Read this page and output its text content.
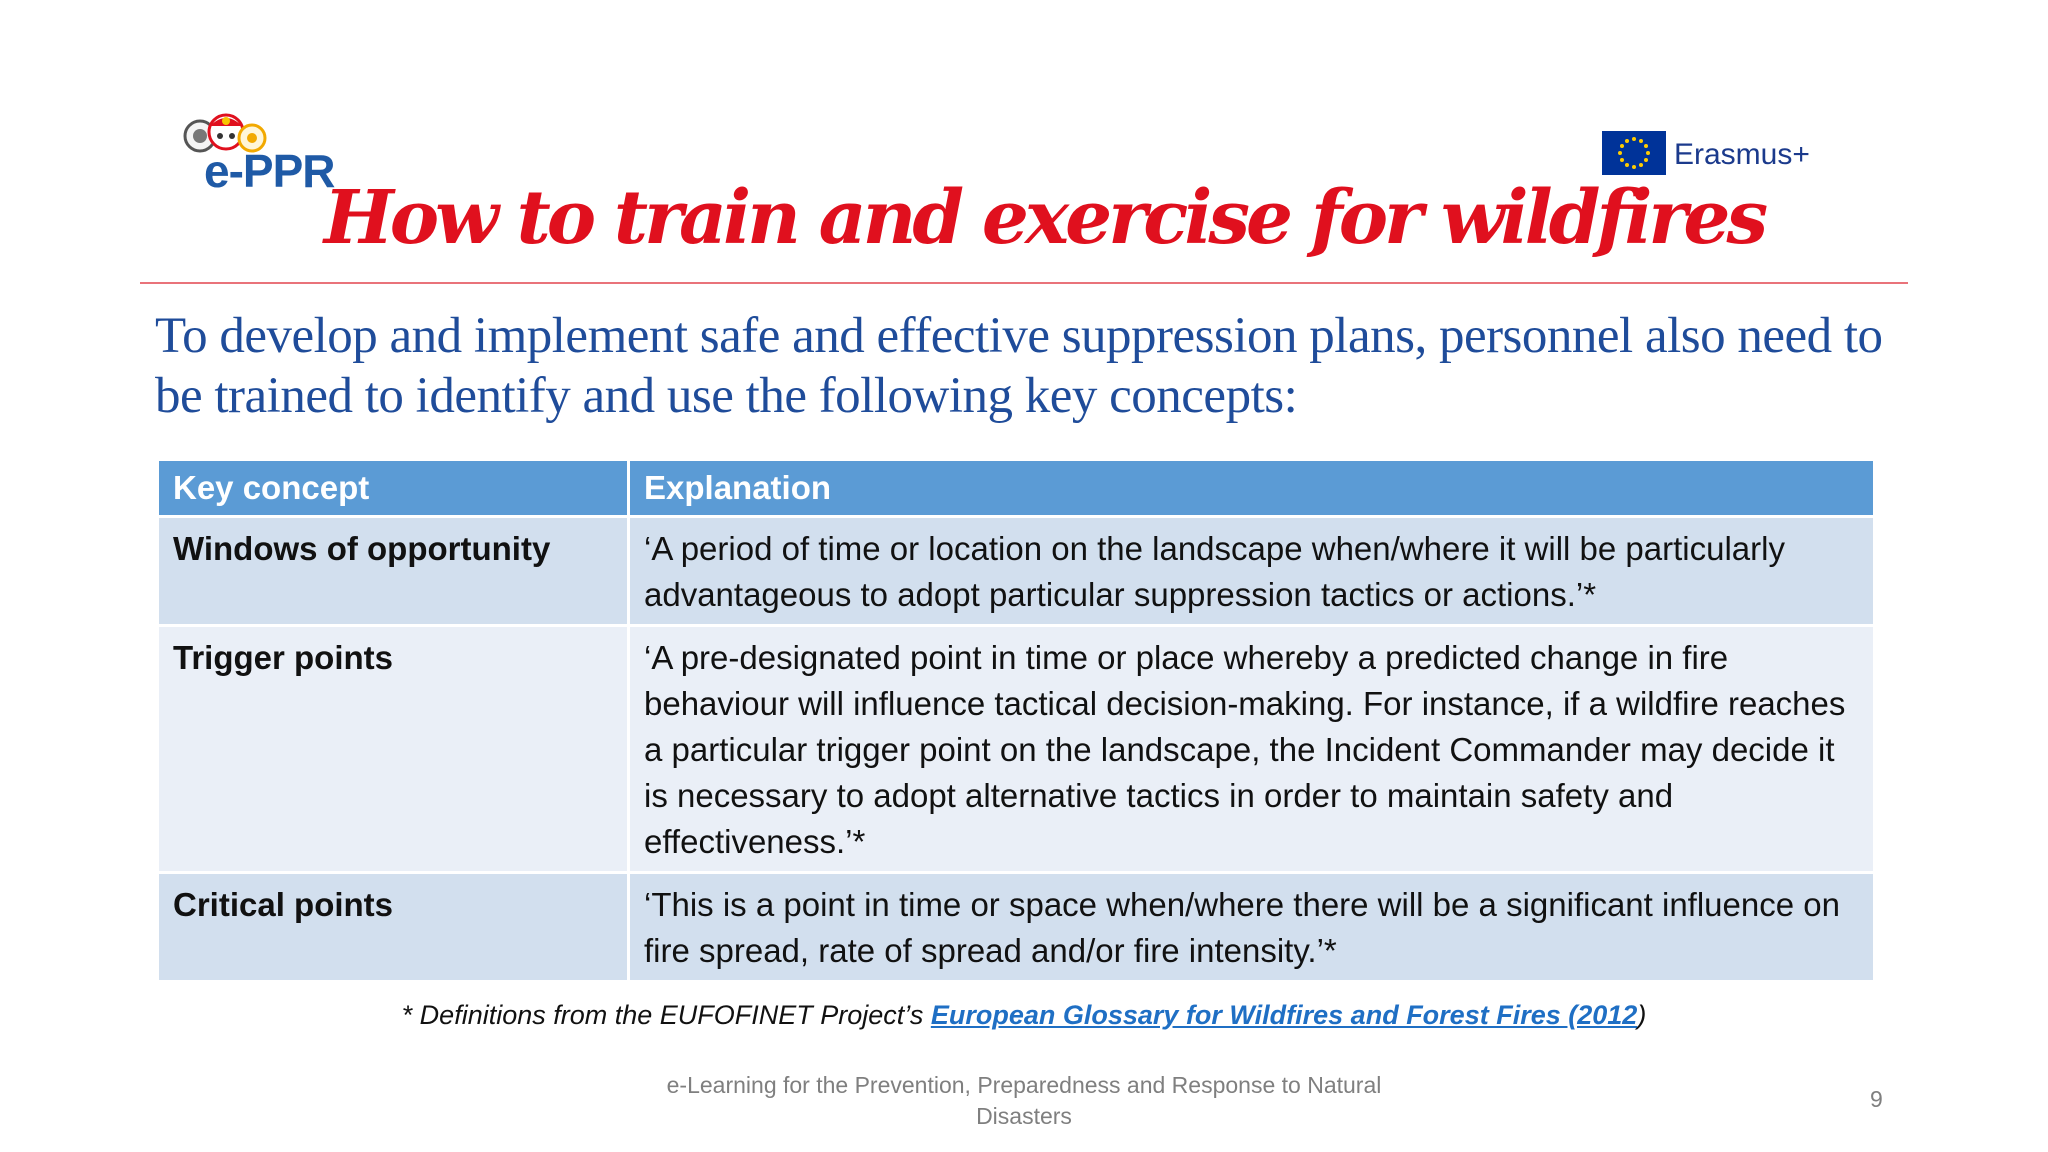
e-PPR	Erasmus+
How to train and exercise for wildfires
To develop and implement safe and effective suppression plans, personnel also need to be trained to identify and use the following key concepts:
Key concept	Explanation
Windows of opportunity	‘A period of time or location on the landscape when/where it will be particularly advantageous to adopt particular suppression tactics or actions.’*
Trigger points	‘A pre-designated point in time or place whereby a predicted change in fire behaviour will influence tactical decision-making. For instance, if a wildfire reaches a particular trigger point on the landscape, the Incident Commander may decide it is necessary to adopt alternative tactics in order to maintain safety and effectiveness.’*
Critical points	‘This is a point in time or space when/where there will be a significant influence on fire spread, rate of spread and/or fire intensity.’*
* Definitions from the EUFOFINET Project’s European Glossary for Wildfires and Forest Fires (2012)
e-Learning for the Prevention, Preparedness and Response to Natural Disasters
9
